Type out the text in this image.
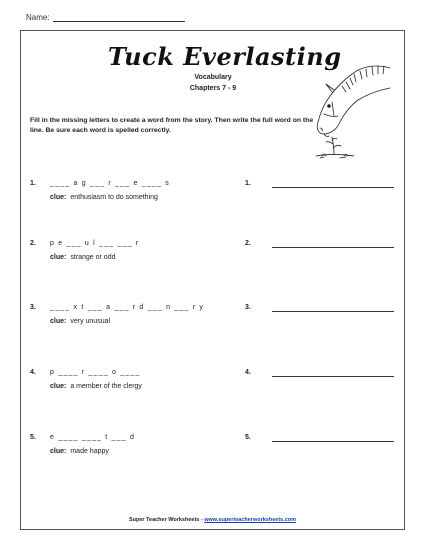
Name:
Tuck Everlasting
Vocabulary
Chapters 7 - 9
Fill in the missing letters to create a word from the story. Then write the full word on the line. Be sure each word is spelled correctly.
1. ____ a g ___ r ___ e ____ s
clue: enthusiasm to do something
1.
2. p e ___ u l ___ ___ r
clue: strange or odd
2.
3. ____ x t ___ a ___ r d ___ n ___ r y
clue: very unusual
3.
4. p ____ r ____ o ____
clue: a member of the clergy
4.
5. e ____ ____ t ___ d
clue: made happy
5.
Super Teacher Worksheets - www.superteacherworksheets.com
